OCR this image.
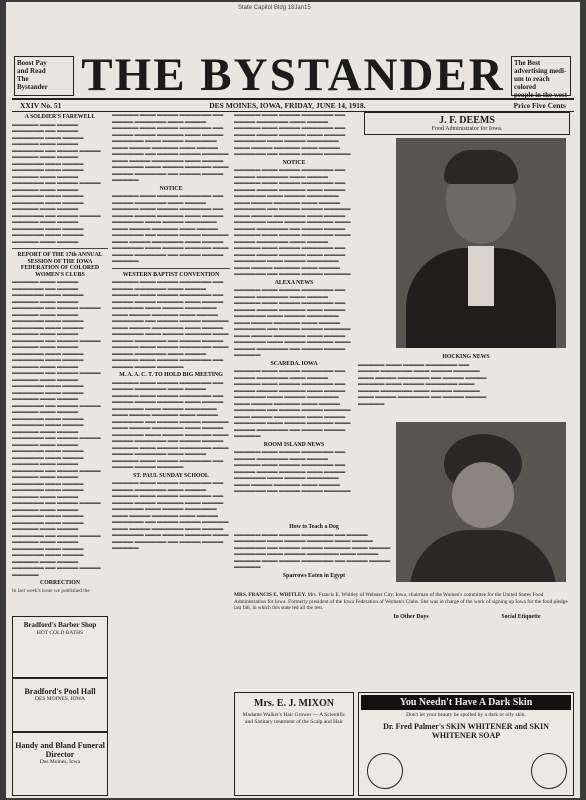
State Capitol Bldg 18Jan15
Boost Pay
and Read
The
Bystander THE BYSTANDER	The Best
advertising medi-
um to reach colored
people in the west
XXIV No. 51	DES MOINES, IOWA, FRIDAY, JUNE 14, 1918.	Price Five Cents
A SOLDIER'S FAREWELL
▬▬▬▬▬ ▬▬▬ ▬▬▬▬ ▬▬▬▬▬▬ ▬▬ ▬▬▬▬ ▬▬▬▬▬▬ ▬▬▬ ▬▬▬▬ ▬▬▬▬▬ ▬▬▬ ▬▬▬▬ ▬▬▬▬▬▬ ▬▬ ▬▬▬▬ ▬▬▬▬ ▬▬▬▬▬ ▬▬▬ ▬▬▬▬ ▬▬▬▬▬▬ ▬▬▬ ▬▬▬▬ ▬▬▬▬▬▬ ▬▬▬ ▬▬▬▬ ▬▬▬▬▬ ▬▬▬ ▬▬▬▬ ▬▬▬▬▬▬ ▬▬ ▬▬▬▬ ▬▬▬▬ ▬▬▬▬▬ ▬▬▬ ▬▬▬▬ ▬▬▬▬▬▬ ▬▬▬ ▬▬▬▬ ▬▬▬▬▬▬ ▬▬▬ ▬▬▬▬ ▬▬▬▬▬ ▬▬▬ ▬▬▬▬ ▬▬▬▬▬▬ ▬▬ ▬▬▬▬ ▬▬▬▬ ▬▬▬▬▬ ▬▬▬ ▬▬▬▬ ▬▬▬▬▬▬ ▬▬▬ ▬▬▬▬ ▬▬▬▬▬▬ ▬▬▬ ▬▬▬▬ ▬▬▬▬▬ ▬▬▬ ▬▬▬▬
REPORT OF THE 17th ANNUAL SESSION OF THE IOWA FEDERATION OF COLORED WOMEN'S CLUBS
▬▬▬▬▬ ▬▬▬ ▬▬▬▬ ▬▬▬▬▬▬ ▬▬ ▬▬▬▬ ▬▬▬▬▬▬ ▬▬▬ ▬▬▬▬ ▬▬▬▬▬ ▬▬▬ ▬▬▬▬ ▬▬▬▬▬▬ ▬▬ ▬▬▬▬ ▬▬▬▬ ▬▬▬▬▬ ▬▬▬ ▬▬▬▬ ▬▬▬▬▬▬ ▬▬▬ ▬▬▬▬ ▬▬▬▬▬▬ ▬▬▬ ▬▬▬▬ ▬▬▬▬▬ ▬▬▬ ▬▬▬▬ ▬▬▬▬▬▬ ▬▬ ▬▬▬▬ ▬▬▬▬ ▬▬▬▬▬ ▬▬▬ ▬▬▬▬ ▬▬▬▬▬▬ ▬▬▬ ▬▬▬▬ ▬▬▬▬▬▬ ▬▬▬ ▬▬▬▬ ▬▬▬▬▬ ▬▬▬ ▬▬▬▬ ▬▬▬▬▬▬ ▬▬ ▬▬▬▬ ▬▬▬▬ ▬▬▬▬▬ ▬▬▬ ▬▬▬▬ ▬▬▬▬▬▬ ▬▬▬ ▬▬▬▬ ▬▬▬▬▬▬ ▬▬▬ ▬▬▬▬ ▬▬▬▬▬ ▬▬▬ ▬▬▬▬ ▬▬▬▬▬▬ ▬▬ ▬▬▬▬ ▬▬▬▬ ▬▬▬▬▬ ▬▬▬ ▬▬▬▬ ▬▬▬▬▬▬ ▬▬▬ ▬▬▬▬ ▬▬▬▬▬▬ ▬▬▬ ▬▬▬▬ ▬▬▬▬▬ ▬▬▬ ▬▬▬▬ ▬▬▬▬▬▬ ▬▬ ▬▬▬▬ ▬▬▬▬ ▬▬▬▬▬ ▬▬▬ ▬▬▬▬ ▬▬▬▬▬▬ ▬▬▬ ▬▬▬▬ ▬▬▬▬▬▬ ▬▬▬ ▬▬▬▬ ▬▬▬▬▬ ▬▬▬ ▬▬▬▬ ▬▬▬▬▬▬ ▬▬ ▬▬▬▬ ▬▬▬▬ ▬▬▬▬▬ ▬▬▬ ▬▬▬▬ ▬▬▬▬▬▬ ▬▬▬ ▬▬▬▬ ▬▬▬▬▬▬ ▬▬▬ ▬▬▬▬ ▬▬▬▬▬ ▬▬▬ ▬▬▬▬ ▬▬▬▬▬▬ ▬▬ ▬▬▬▬ ▬▬▬▬ ▬▬▬▬▬ ▬▬▬ ▬▬▬▬ ▬▬▬▬▬▬ ▬▬▬ ▬▬▬▬ ▬▬▬▬▬▬ ▬▬▬ ▬▬▬▬ ▬▬▬▬▬ ▬▬▬ ▬▬▬▬ ▬▬▬▬▬▬ ▬▬ ▬▬▬▬ ▬▬▬▬ ▬▬▬▬▬ ▬▬▬ ▬▬▬▬ ▬▬▬▬▬▬ ▬▬▬ ▬▬▬▬ ▬▬▬▬▬▬ ▬▬▬ ▬▬▬▬ ▬▬▬▬▬ ▬▬▬ ▬▬▬▬ ▬▬▬▬▬▬ ▬▬ ▬▬▬▬ ▬▬▬▬ ▬▬▬▬▬
CORRECTION
In last week's issue we published the
▬▬▬▬▬ ▬▬▬ ▬▬▬▬ ▬▬▬▬▬▬ ▬▬ ▬▬▬▬ ▬▬▬▬▬▬ ▬▬▬ ▬▬▬▬ ▬▬▬▬▬ ▬▬▬ ▬▬▬▬ ▬▬▬▬▬▬ ▬▬ ▬▬▬▬ ▬▬▬▬ ▬▬▬▬▬ ▬▬▬ ▬▬▬▬ ▬▬▬▬▬▬ ▬▬▬ ▬▬▬▬ ▬▬▬▬▬▬ ▬▬▬ ▬▬▬▬ ▬▬▬▬▬ ▬▬▬ ▬▬▬▬ ▬▬▬▬▬▬ ▬▬ ▬▬▬▬ ▬▬▬▬ ▬▬▬▬▬ ▬▬▬ ▬▬▬▬ ▬▬▬▬▬▬ ▬▬▬ ▬▬▬▬ ▬▬▬▬▬▬ ▬▬▬ ▬▬▬▬ ▬▬▬▬▬ ▬▬▬ ▬▬▬▬ ▬▬▬▬▬▬ ▬▬ ▬▬▬▬ ▬▬▬▬ ▬▬▬▬▬
NOTICE
▬▬▬▬▬ ▬▬▬ ▬▬▬▬ ▬▬▬▬▬▬ ▬▬ ▬▬▬▬ ▬▬▬▬▬▬ ▬▬▬ ▬▬▬▬ ▬▬▬▬▬ ▬▬▬ ▬▬▬▬ ▬▬▬▬▬▬ ▬▬ ▬▬▬▬ ▬▬▬▬ ▬▬▬▬▬ ▬▬▬ ▬▬▬▬ ▬▬▬▬▬▬ ▬▬▬ ▬▬▬▬ ▬▬▬▬▬▬ ▬▬▬ ▬▬▬▬ ▬▬▬▬▬ ▬▬▬ ▬▬▬▬ ▬▬▬▬▬▬ ▬▬ ▬▬▬▬ ▬▬▬▬ ▬▬▬▬▬ ▬▬▬ ▬▬▬▬ ▬▬▬▬▬▬ ▬▬▬ ▬▬▬▬ ▬▬▬▬▬▬ ▬▬▬ ▬▬▬▬ ▬▬▬▬▬ ▬▬▬ ▬▬▬▬ ▬▬▬▬▬▬ ▬▬ ▬▬▬▬ ▬▬▬▬ ▬▬▬▬▬
WESTERN BAPTIST CONVENTION
▬▬▬▬▬ ▬▬▬ ▬▬▬▬ ▬▬▬▬▬▬ ▬▬ ▬▬▬▬ ▬▬▬▬▬▬ ▬▬▬ ▬▬▬▬ ▬▬▬▬▬ ▬▬▬ ▬▬▬▬ ▬▬▬▬▬▬ ▬▬ ▬▬▬▬ ▬▬▬▬ ▬▬▬▬▬ ▬▬▬ ▬▬▬▬ ▬▬▬▬▬▬ ▬▬▬ ▬▬▬▬ ▬▬▬▬▬▬ ▬▬▬ ▬▬▬▬ ▬▬▬▬▬ ▬▬▬ ▬▬▬▬ ▬▬▬▬▬▬ ▬▬ ▬▬▬▬ ▬▬▬▬ ▬▬▬▬▬ ▬▬▬ ▬▬▬▬ ▬▬▬▬▬▬ ▬▬▬ ▬▬▬▬ ▬▬▬▬▬▬ ▬▬▬ ▬▬▬▬ ▬▬▬▬▬ ▬▬▬ ▬▬▬▬ ▬▬▬▬▬▬ ▬▬ ▬▬▬▬ ▬▬▬▬ ▬▬▬▬▬ ▬▬▬ ▬▬▬▬ ▬▬▬▬▬▬ ▬▬▬ ▬▬▬▬ ▬▬▬▬▬▬ ▬▬▬ ▬▬▬▬ ▬▬▬▬▬ ▬▬▬ ▬▬▬▬ ▬▬▬▬▬▬ ▬▬ ▬▬▬▬ ▬▬▬▬ ▬▬▬▬▬
M. A. A. C. T. TO HOLD BIG MEETING
▬▬▬▬▬ ▬▬▬ ▬▬▬▬ ▬▬▬▬▬▬ ▬▬ ▬▬▬▬ ▬▬▬▬▬▬ ▬▬▬ ▬▬▬▬ ▬▬▬▬▬ ▬▬▬ ▬▬▬▬ ▬▬▬▬▬▬ ▬▬ ▬▬▬▬ ▬▬▬▬ ▬▬▬▬▬ ▬▬▬ ▬▬▬▬ ▬▬▬▬▬▬ ▬▬▬ ▬▬▬▬ ▬▬▬▬▬▬ ▬▬▬ ▬▬▬▬ ▬▬▬▬▬ ▬▬▬ ▬▬▬▬ ▬▬▬▬▬▬ ▬▬ ▬▬▬▬ ▬▬▬▬ ▬▬▬▬▬ ▬▬▬ ▬▬▬▬ ▬▬▬▬▬▬ ▬▬▬ ▬▬▬▬ ▬▬▬▬▬▬ ▬▬▬ ▬▬▬▬ ▬▬▬▬▬ ▬▬▬ ▬▬▬▬ ▬▬▬▬▬▬ ▬▬ ▬▬▬▬ ▬▬▬▬ ▬▬▬▬▬ ▬▬▬ ▬▬▬▬ ▬▬▬▬▬▬ ▬▬▬ ▬▬▬▬ ▬▬▬▬▬▬ ▬▬▬ ▬▬▬▬ ▬▬▬▬▬ ▬▬▬ ▬▬▬▬ ▬▬▬▬▬▬ ▬▬ ▬▬▬▬ ▬▬▬▬ ▬▬▬▬▬
ST. PAUL SUNDAY SCHOOL
▬▬▬▬▬ ▬▬▬ ▬▬▬▬ ▬▬▬▬▬▬ ▬▬ ▬▬▬▬ ▬▬▬▬▬▬ ▬▬▬ ▬▬▬▬ ▬▬▬▬▬ ▬▬▬ ▬▬▬▬ ▬▬▬▬▬▬ ▬▬ ▬▬▬▬ ▬▬▬▬ ▬▬▬▬▬ ▬▬▬ ▬▬▬▬ ▬▬▬▬▬▬ ▬▬▬ ▬▬▬▬ ▬▬▬▬▬▬ ▬▬▬ ▬▬▬▬ ▬▬▬▬▬ ▬▬▬ ▬▬▬▬ ▬▬▬▬▬▬ ▬▬ ▬▬▬▬ ▬▬▬▬ ▬▬▬▬▬ ▬▬▬ ▬▬▬▬ ▬▬▬▬▬▬ ▬▬▬ ▬▬▬▬ ▬▬▬▬▬▬ ▬▬▬ ▬▬▬▬ ▬▬▬▬▬ ▬▬▬ ▬▬▬▬ ▬▬▬▬▬▬ ▬▬ ▬▬▬▬ ▬▬▬▬ ▬▬▬▬▬
▬▬▬▬▬ ▬▬▬ ▬▬▬▬ ▬▬▬▬▬▬ ▬▬ ▬▬▬▬ ▬▬▬▬▬▬ ▬▬▬ ▬▬▬▬ ▬▬▬▬▬ ▬▬▬ ▬▬▬▬ ▬▬▬▬▬▬ ▬▬ ▬▬▬▬ ▬▬▬▬ ▬▬▬▬▬ ▬▬▬ ▬▬▬▬ ▬▬▬▬▬▬ ▬▬▬ ▬▬▬▬ ▬▬▬▬▬▬ ▬▬▬ ▬▬▬▬ ▬▬▬▬▬ ▬▬▬ ▬▬▬▬ ▬▬▬▬▬▬ ▬▬ ▬▬▬▬ ▬▬▬▬ ▬▬▬▬▬
NOTICE
▬▬▬▬▬ ▬▬▬ ▬▬▬▬ ▬▬▬▬▬▬ ▬▬ ▬▬▬▬ ▬▬▬▬▬▬ ▬▬▬ ▬▬▬▬ ▬▬▬▬▬ ▬▬▬ ▬▬▬▬ ▬▬▬▬▬▬ ▬▬ ▬▬▬▬ ▬▬▬▬ ▬▬▬▬▬ ▬▬▬ ▬▬▬▬ ▬▬▬▬▬▬ ▬▬▬ ▬▬▬▬ ▬▬▬▬▬▬ ▬▬▬ ▬▬▬▬ ▬▬▬▬▬ ▬▬▬ ▬▬▬▬ ▬▬▬▬▬▬ ▬▬ ▬▬▬▬ ▬▬▬▬ ▬▬▬▬▬ ▬▬▬ ▬▬▬▬ ▬▬▬▬▬▬ ▬▬▬ ▬▬▬▬ ▬▬▬▬▬▬ ▬▬▬ ▬▬▬▬ ▬▬▬▬▬ ▬▬▬ ▬▬▬▬ ▬▬▬▬▬▬ ▬▬ ▬▬▬▬ ▬▬▬▬ ▬▬▬▬▬ ▬▬▬ ▬▬▬▬ ▬▬▬▬▬▬ ▬▬▬ ▬▬▬▬ ▬▬▬▬▬▬ ▬▬▬ ▬▬▬▬ ▬▬▬▬▬ ▬▬▬ ▬▬▬▬ ▬▬▬▬▬▬ ▬▬ ▬▬▬▬ ▬▬▬▬ ▬▬▬▬▬ ▬▬▬ ▬▬▬▬ ▬▬▬▬▬▬ ▬▬▬ ▬▬▬▬ ▬▬▬▬▬▬ ▬▬▬ ▬▬▬▬ ▬▬▬▬▬ ▬▬▬ ▬▬▬▬ ▬▬▬▬▬▬ ▬▬ ▬▬▬▬ ▬▬▬▬ ▬▬▬▬▬
ALEXA NEWS
▬▬▬▬▬ ▬▬▬ ▬▬▬▬ ▬▬▬▬▬▬ ▬▬ ▬▬▬▬ ▬▬▬▬▬▬ ▬▬▬ ▬▬▬▬ ▬▬▬▬▬ ▬▬▬ ▬▬▬▬ ▬▬▬▬▬▬ ▬▬ ▬▬▬▬ ▬▬▬▬ ▬▬▬▬▬ ▬▬▬ ▬▬▬▬ ▬▬▬▬▬▬ ▬▬▬ ▬▬▬▬ ▬▬▬▬▬▬ ▬▬▬ ▬▬▬▬ ▬▬▬▬▬ ▬▬▬ ▬▬▬▬ ▬▬▬▬▬▬ ▬▬ ▬▬▬▬ ▬▬▬▬ ▬▬▬▬▬ ▬▬▬ ▬▬▬▬ ▬▬▬▬▬▬ ▬▬▬ ▬▬▬▬ ▬▬▬▬▬▬ ▬▬▬ ▬▬▬▬ ▬▬▬▬▬ ▬▬▬ ▬▬▬▬ ▬▬▬▬▬▬ ▬▬ ▬▬▬▬ ▬▬▬▬ ▬▬▬▬▬
SCAREDA. IOWA
▬▬▬▬▬ ▬▬▬ ▬▬▬▬ ▬▬▬▬▬▬ ▬▬ ▬▬▬▬ ▬▬▬▬▬▬ ▬▬▬ ▬▬▬▬ ▬▬▬▬▬ ▬▬▬ ▬▬▬▬ ▬▬▬▬▬▬ ▬▬ ▬▬▬▬ ▬▬▬▬ ▬▬▬▬▬ ▬▬▬ ▬▬▬▬ ▬▬▬▬▬▬ ▬▬▬ ▬▬▬▬ ▬▬▬▬▬▬ ▬▬▬ ▬▬▬▬ ▬▬▬▬▬ ▬▬▬ ▬▬▬▬ ▬▬▬▬▬▬ ▬▬ ▬▬▬▬ ▬▬▬▬ ▬▬▬▬▬ ▬▬▬ ▬▬▬▬ ▬▬▬▬▬▬ ▬▬▬ ▬▬▬▬ ▬▬▬▬▬▬ ▬▬▬ ▬▬▬▬ ▬▬▬▬▬ ▬▬▬ ▬▬▬▬ ▬▬▬▬▬▬ ▬▬ ▬▬▬▬ ▬▬▬▬ ▬▬▬▬▬
ROOM ISLAND NEWS
▬▬▬▬▬ ▬▬▬ ▬▬▬▬ ▬▬▬▬▬▬ ▬▬ ▬▬▬▬ ▬▬▬▬▬▬ ▬▬▬ ▬▬▬▬ ▬▬▬▬▬ ▬▬▬ ▬▬▬▬ ▬▬▬▬▬▬ ▬▬ ▬▬▬▬ ▬▬▬▬ ▬▬▬▬▬ ▬▬▬ ▬▬▬▬ ▬▬▬▬▬▬ ▬▬▬ ▬▬▬▬ ▬▬▬▬▬▬ ▬▬▬ ▬▬▬▬ ▬▬▬▬▬ ▬▬▬ ▬▬▬▬ ▬▬▬▬▬▬ ▬▬ ▬▬▬▬ ▬▬▬▬ ▬▬▬▬▬
J. F. DEEMS
Food Administrator for Iowa.
HOCKING NEWS
▬▬▬▬▬ ▬▬▬ ▬▬▬▬ ▬▬▬▬▬▬ ▬▬ ▬▬▬▬ ▬▬▬▬▬▬ ▬▬▬ ▬▬▬▬ ▬▬▬▬▬ ▬▬▬ ▬▬▬▬ ▬▬▬▬▬▬ ▬▬ ▬▬▬▬ ▬▬▬▬ ▬▬▬▬▬ ▬▬▬ ▬▬▬▬ ▬▬▬▬▬▬ ▬▬▬ ▬▬▬▬ ▬▬▬▬▬▬ ▬▬▬ ▬▬▬▬ ▬▬▬▬▬ ▬▬▬ ▬▬▬▬ ▬▬▬▬▬▬ ▬▬ ▬▬▬▬ ▬▬▬▬ ▬▬▬▬▬
How to Teach a Dog
▬▬▬▬▬ ▬▬▬ ▬▬▬▬ ▬▬▬▬▬▬ ▬▬ ▬▬▬▬ ▬▬▬▬▬▬ ▬▬▬ ▬▬▬▬ ▬▬▬▬▬ ▬▬▬ ▬▬▬▬ ▬▬▬▬▬▬ ▬▬ ▬▬▬▬ ▬▬▬▬ ▬▬▬▬▬ ▬▬▬ ▬▬▬▬ ▬▬▬▬▬▬ ▬▬▬ ▬▬▬▬ ▬▬▬▬▬▬ ▬▬▬ ▬▬▬▬ ▬▬▬▬▬ ▬▬▬ ▬▬▬▬ ▬▬▬▬▬▬ ▬▬ ▬▬▬▬ ▬▬▬▬ ▬▬▬▬▬
Sparrows Eaten in Egypt
MRS. FRANCIS E. WHITLEY. Mrs. Francis E. Whitley of Webster City, Iowa, chairman of the Women's committee for the United States Food Administration for Iowa. Formerly president of the Iowa Federation of Women's Clubs. She was in charge of the work of signing up Iowa for the food pledge last fall, in which this state led all the rest.
In Other Days	Social Etiquette
Bradford's Barber Shop
HOT COLD BATHS
Bradford's Pool Hall
DES MOINES, IOWA
Handy and Bland Funeral Director
Des Moines, Iowa
Mrs. E. J. MIXON
Madame Walker's Hair Grower — A Scientific and Sanitary treatment of the Scalp and Hair
You Needn't Have A Dark Skin
Don't let your beauty be spoiled by a dark or oily skin.
Dr. Fred Palmer's SKIN WHITENER and SKIN WHITENER SOAP
